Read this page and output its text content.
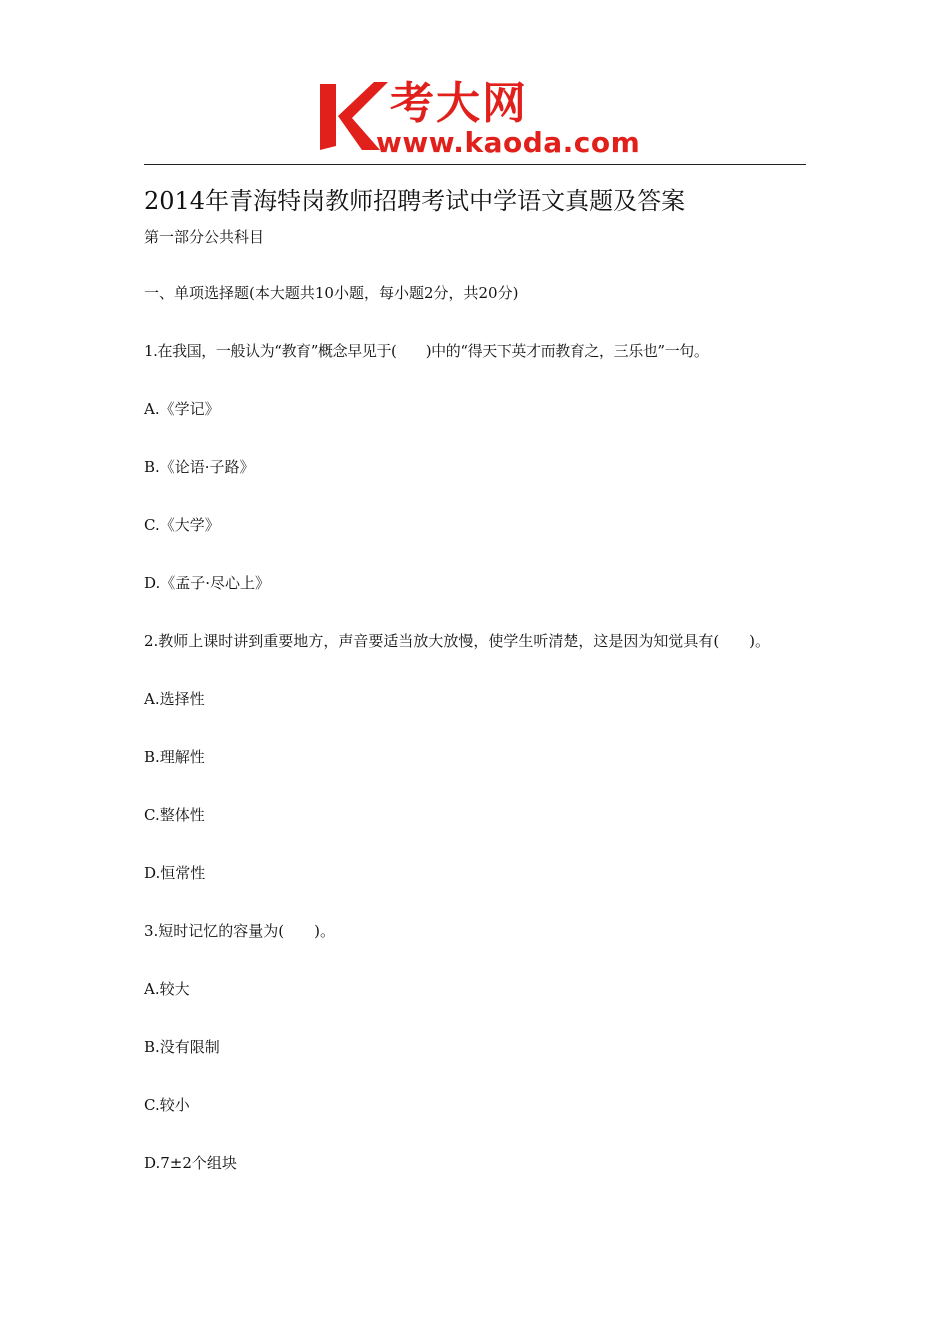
考大网
www.kaoda.com
2014年青海特岗教师招聘考试中学语文真题及答案

第一部分公共科目

一、单项选择题(本大题共10小题，每小题2分，共20分)

1.在我国，一般认为“教育”概念早见于(　　)中的“得天下英才而教育之，三乐也”一句。

A.《学记》

B.《论语·子路》

C.《大学》

D.《孟子·尽心上》

2.教师上课时讲到重要地方，声音要适当放大放慢，使学生听清楚，这是因为知觉具有(　　)。

A.选择性

B.理解性

C.整体性

D.恒常性

3.短时记忆的容量为(　　)。

A.较大

B.没有限制

C.较小

D.7±2个组块
